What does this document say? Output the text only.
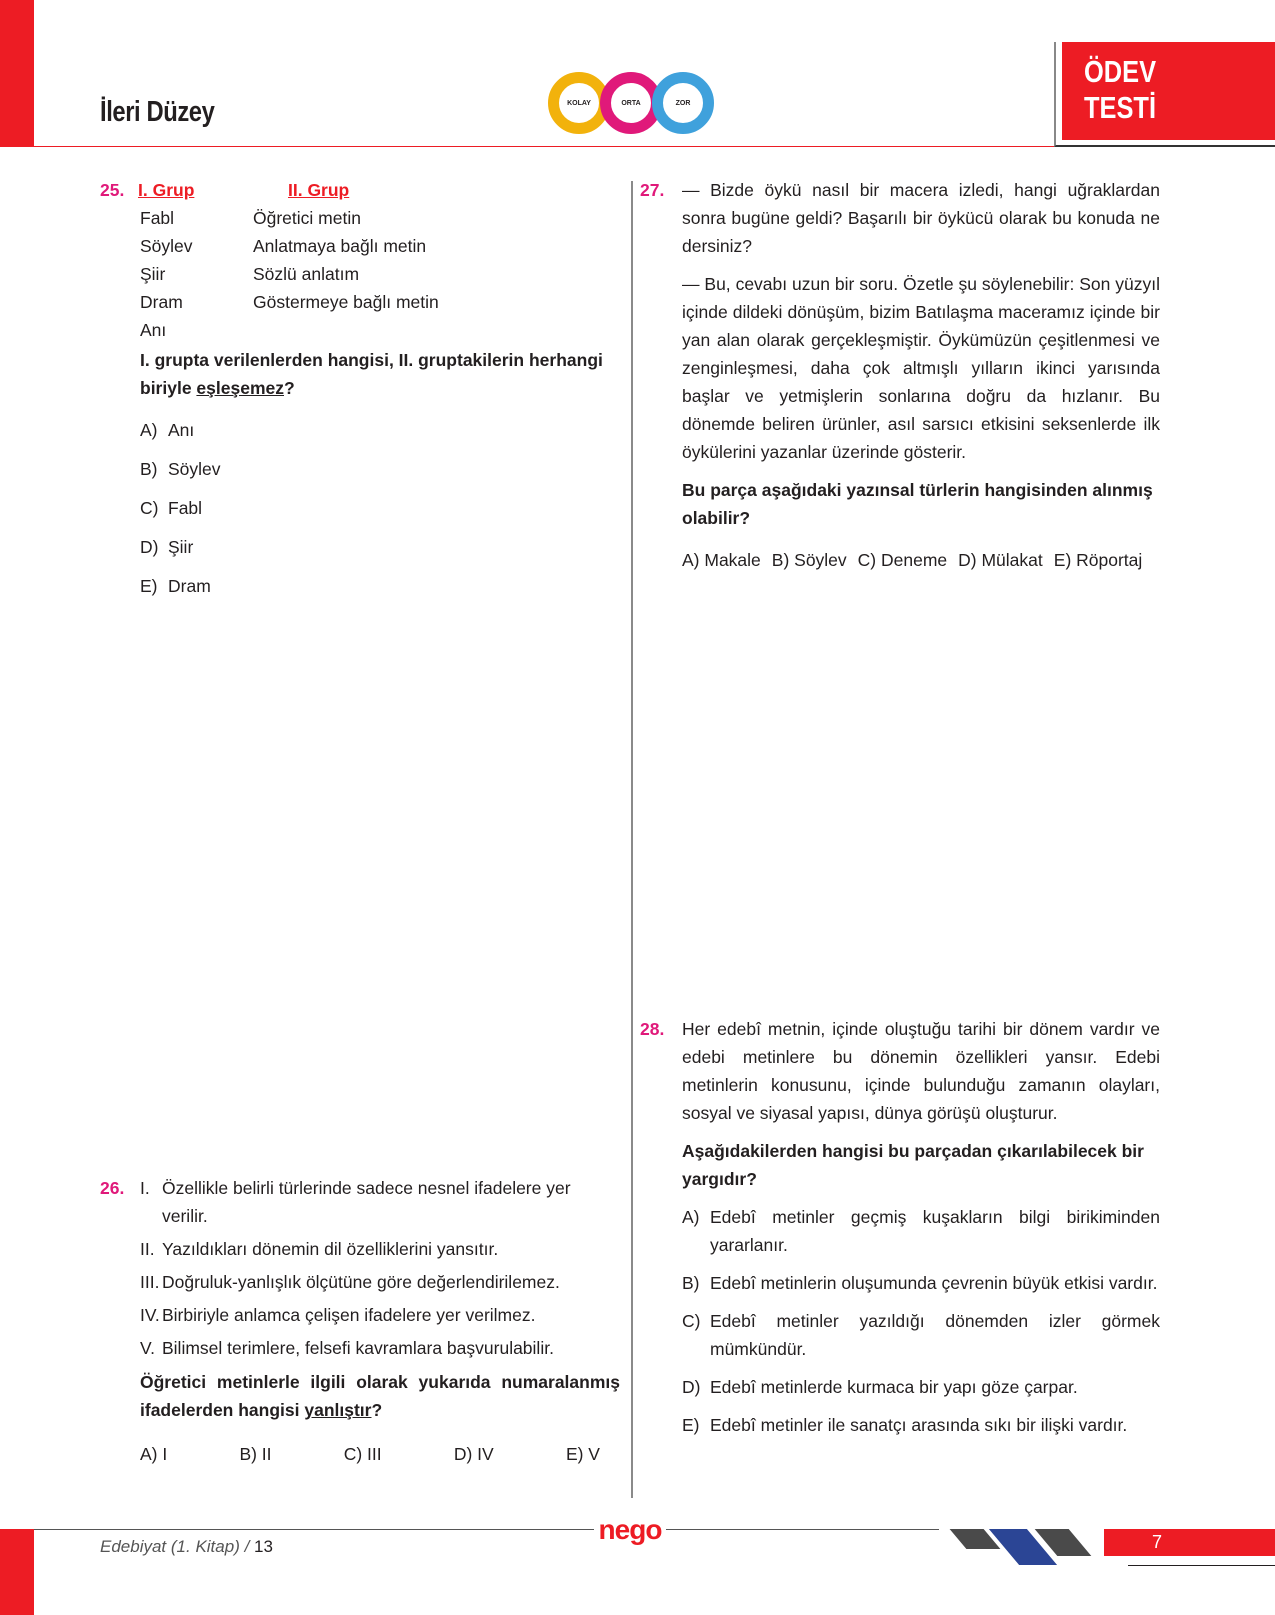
İleri Düzey	KOLAY	ORTA	ZOR
ÖDEV
TESTİ
25. I. Grup	II. Grup
Fabl	Öğretici metin
Söylev	Anlatmaya bağlı metin
Şiir	Sözlü anlatım
Dram	Göstermeye bağlı metin
Anı
I. grupta verilenlerden hangisi, II. gruptakilerin herhangi biriyle eşleşemez?
A) Anı
B) Söylev
C) Fabl
D) Şiir
E) Dram
27. — Bizde öykü nasıl bir macera izledi, hangi uğraklardan sonra bugüne geldi? Başarılı bir öykücü olarak bu konuda ne dersiniz?

— Bu, cevabı uzun bir soru. Özetle şu söylenebilir: Son yüzyıl içinde dildeki dönüşüm, bizim Batılaşma maceramız içinde bir yan alan olarak gerçekleşmiştir. Öykümüzün çeşitlenmesi ve zenginleşmesi, daha çok altmışlı yılların ikinci yarısında başlar ve yetmişlerin sonlarına doğru da hızlanır. Bu dönemde beliren ürünler, asıl sarsıcı etkisini seksenlerde ilk öykülerini yazanlar üzerinde gösterir.

Bu parça aşağıdaki yazınsal türlerin hangisinden alınmış olabilir?

A) Makale B) Söylev C) Deneme D) Mülakat E) Röportaj
26. I. Özellikle belirli türlerinde sadece nesnel ifadelere yer verilir.
II. Yazıldıkları dönemin dil özelliklerini yansıtır.
III. Doğruluk-yanlışlık ölçütüne göre değerlendirilemez.
IV. Birbiriyle anlamca çelişen ifadelere yer verilmez.
V. Bilimsel terimlere, felsefi kavramlara başvurulabilir.
Öğretici metinlerle ilgili olarak yukarıda numaralanmış ifadelerden hangisi yanlıştır?
A) I	B) II	C) III	D) IV	E) V
28. Her edebî metnin, içinde oluştuğu tarihi bir dönem vardır ve edebi metinlere bu dönemin özellikleri yansır. Edebi metinlerin konusunu, içinde bulunduğu zamanın olayları, sosyal ve siyasal yapısı, dünya görüşü oluşturur.

Aşağıdakilerden hangisi bu parçadan çıkarılabilecek bir yargıdır?

A) Edebî metinler geçmiş kuşakların bilgi birikiminden yararlanır.
B) Edebî metinlerin oluşumunda çevrenin büyük etkisi vardır.
C) Edebî metinler yazıldığı dönemden izler görmek mümkündür.
D) Edebî metinlerde kurmaca bir yapı göze çarpar.
E) Edebî metinler ile sanatçı arasında sıkı bir ilişki vardır.
Edebiyat (1. Kitap) / 13
nego	7
